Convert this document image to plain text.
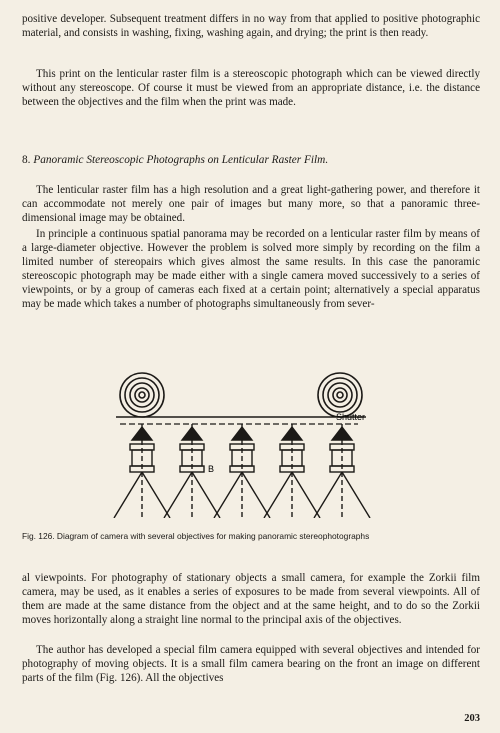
positive developer. Subsequent treatment differs in no way from that applied to positive photographic material, and consists in washing, fixing, washing again, and drying; the print is then ready.

This print on the lenticular raster film is a stereoscopic photograph which can be viewed directly without any stereoscope. Of course it must be viewed from an appropriate distance, i.e. the distance between the objectives and the film when the print was made.

8. Panoramic Stereoscopic Photographs on Lenticular Raster Film.

The lenticular raster film has a high resolution and a great light-gathering power, and therefore it can accommodate not merely one pair of images but many more, so that a panoramic three-dimensional image may be obtained.

In principle a continuous spatial panorama may be recorded on a lenticular raster film by means of a large-diameter objective. However the problem is solved more simply by recording on the film a limited number of stereopairs which gives almost the same results. In this case the panoramic stereoscopic photograph may be made either with a single camera moved successively to a series of viewpoints, or by a group of cameras each fixed at a certain point; alternatively a special apparatus may be made which takes a number of photographs simultaneously from sever-

Shutter
B

Fig. 126. Diagram of camera with several objectives for making panoramic stereophotographs

al viewpoints. For photography of stationary objects a small camera, for example the Zorkii film camera, may be used, as it enables a series of exposures to be made from several viewpoints. All of them are made at the same distance from the object and at the same height, and to do so the Zorkii moves horizontally along a straight line normal to the principal axis of the objectives.

The author has developed a special film camera equipped with several objectives and intended for photography of moving objects. It is a small film camera bearing on the front an image on different parts of the film (Fig. 126). All the objectives

203
